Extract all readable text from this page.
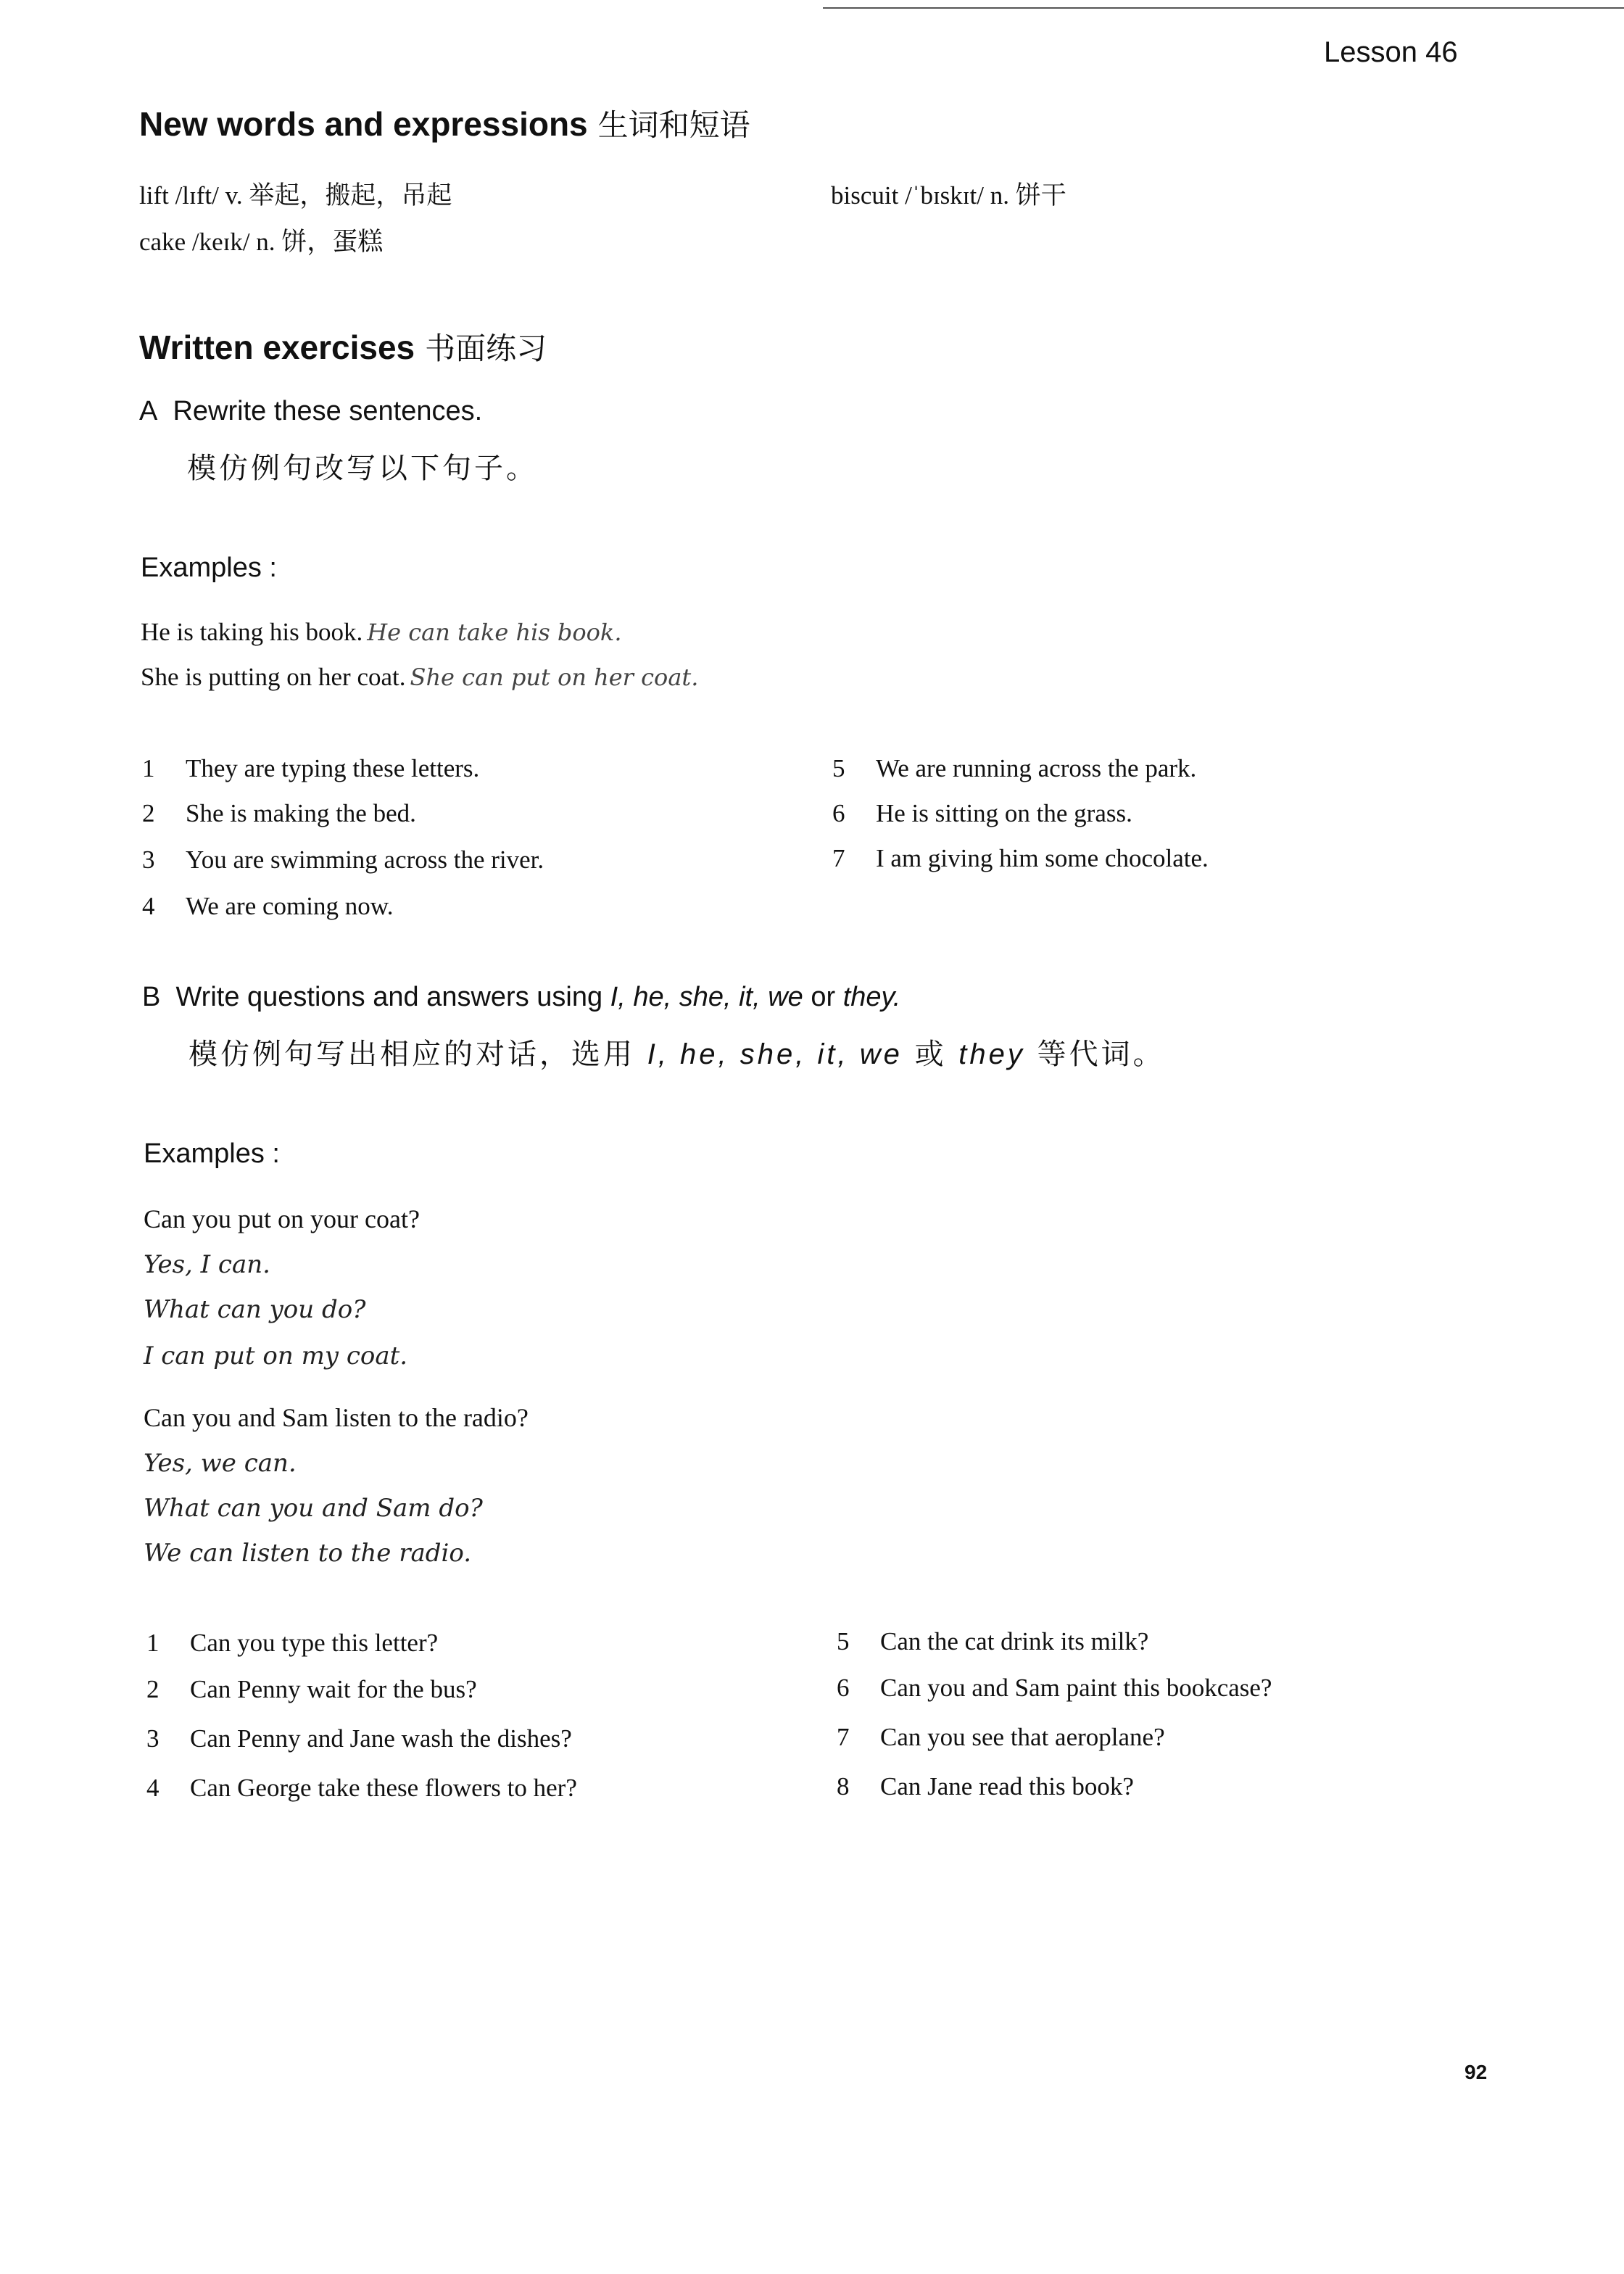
Lesson 46
New words and expressions 生词和短语
lift /lɪft/ v. 举起，搬起，吊起
cake /keɪk/ n. 饼，蛋糕
biscuit /ˈbɪskɪt/ n. 饼干
Written exercises 书面练习
A Rewrite these sentences.
模仿例句改写以下句子。
Examples :
He is taking his book. He can take his book.
She is putting on her coat. She can put on her coat.
1 They are typing these letters.
2 She is making the bed.
3 You are swimming across the river.
4 We are coming now.
5 We are running across the park.
6 He is sitting on the grass.
7 I am giving him some chocolate.
B Write questions and answers using I, he, she, it, we or they.
模仿例句写出相应的对话，选用 I, he, she, it, we 或 they 等代词。
Examples :
Can you put on your coat?
Yes, I can.
What can you do?
I can put on my coat.
Can you and Sam listen to the radio?
Yes, we can.
What can you and Sam do?
We can listen to the radio.
1 Can you type this letter?
2 Can Penny wait for the bus?
3 Can Penny and Jane wash the dishes?
4 Can George take these flowers to her?
5 Can the cat drink its milk?
6 Can you and Sam paint this bookcase?
7 Can you see that aeroplane?
8 Can Jane read this book?
92
